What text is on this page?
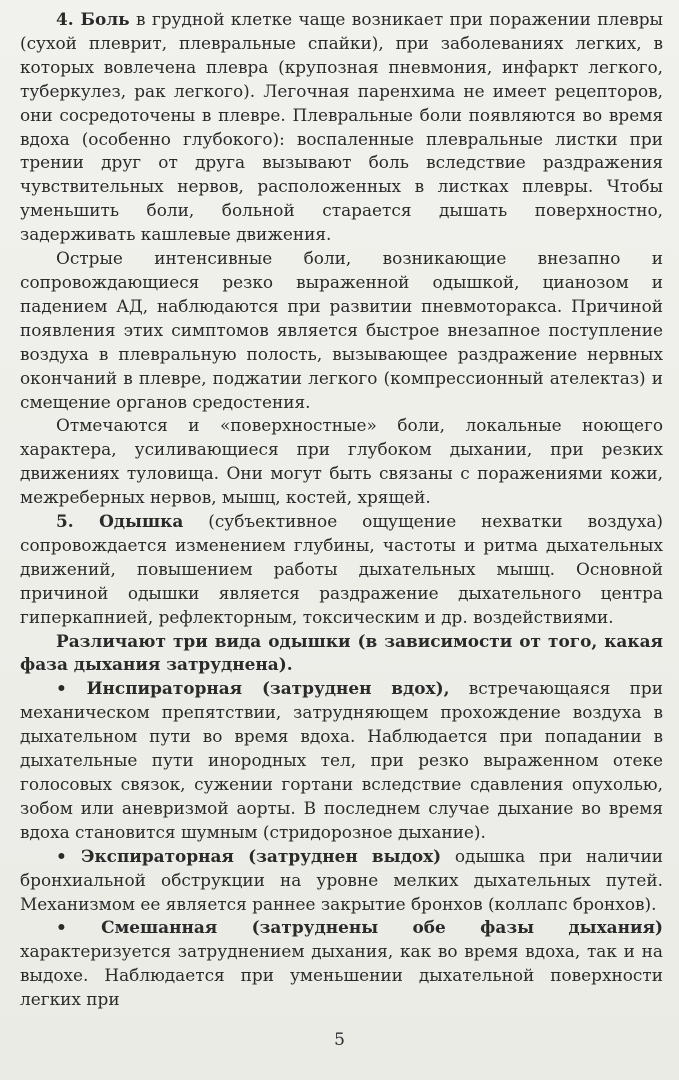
4. Боль в грудной клетке чаще возникает при поражении плевры (сухой плеврит, плевральные спайки), при заболеваниях легких, в которых вовлечена плевра (крупозная пневмония, инфаркт легкого, туберкулез, рак легкого). Легочная паренхима не имеет рецепторов, они сосредоточены в плевре. Плевральные боли появляются во время вдоха (особенно глубокого): воспаленные плевральные листки при трении друг от друга вызывают боль вследствие раздражения чувствительных нервов, расположенных в листках плевры. Чтобы уменьшить боли, больной старается дышать поверхностно, задерживать кашлевые движения.

Острые интенсивные боли, возникающие внезапно и сопровождающиеся резко выраженной одышкой, цианозом и падением АД, наблюдаются при развитии пневмоторакса. Причиной появления этих симптомов является быстрое внезапное поступление воздуха в плевральную полость, вызывающее раздражение нервных окончаний в плевре, поджатии легкого (компрессионный ателектаз) и смещение органов средостения.

Отмечаются и «поверхностные» боли, локальные ноющего характера, усиливающиеся при глубоком дыхании, при резких движениях туловища. Они могут быть связаны с поражениями кожи, межреберных нервов, мышц, костей, хрящей.

5. Одышка (субъективное ощущение нехватки воздуха) сопровождается изменением глубины, частоты и ритма дыхательных движений, повышением работы дыхательных мышц. Основной причиной одышки является раздражение дыхательного центра гиперкапнией, рефлекторным, токсическим и др. воздействиями.

Различают три вида одышки (в зависимости от того, какая фаза дыхания затруднена).

• Инспираторная (затруднен вдох), встречающаяся при механическом препятствии, затрудняющем прохождение воздуха в дыхательном пути во время вдоха. Наблюдается при попадании в дыхательные пути инородных тел, при резко выраженном отеке голосовых связок, сужении гортани вследствие сдавления опухолью, зобом или аневризмой аорты. В последнем случае дыхание во время вдоха становится шумным (стридорозное дыхание).

• Экспираторная (затруднен выдох) одышка при наличии бронхиальной обструкции на уровне мелких дыхательных путей. Механизмом ее является раннее закрытие бронхов (коллапс бронхов).

• Смешанная (затруднены обе фазы дыхания) характеризуется затруднением дыхания, как во время вдоха, так и на выдохе. Наблюдается при уменьшении дыхательной поверхности легких при

5
